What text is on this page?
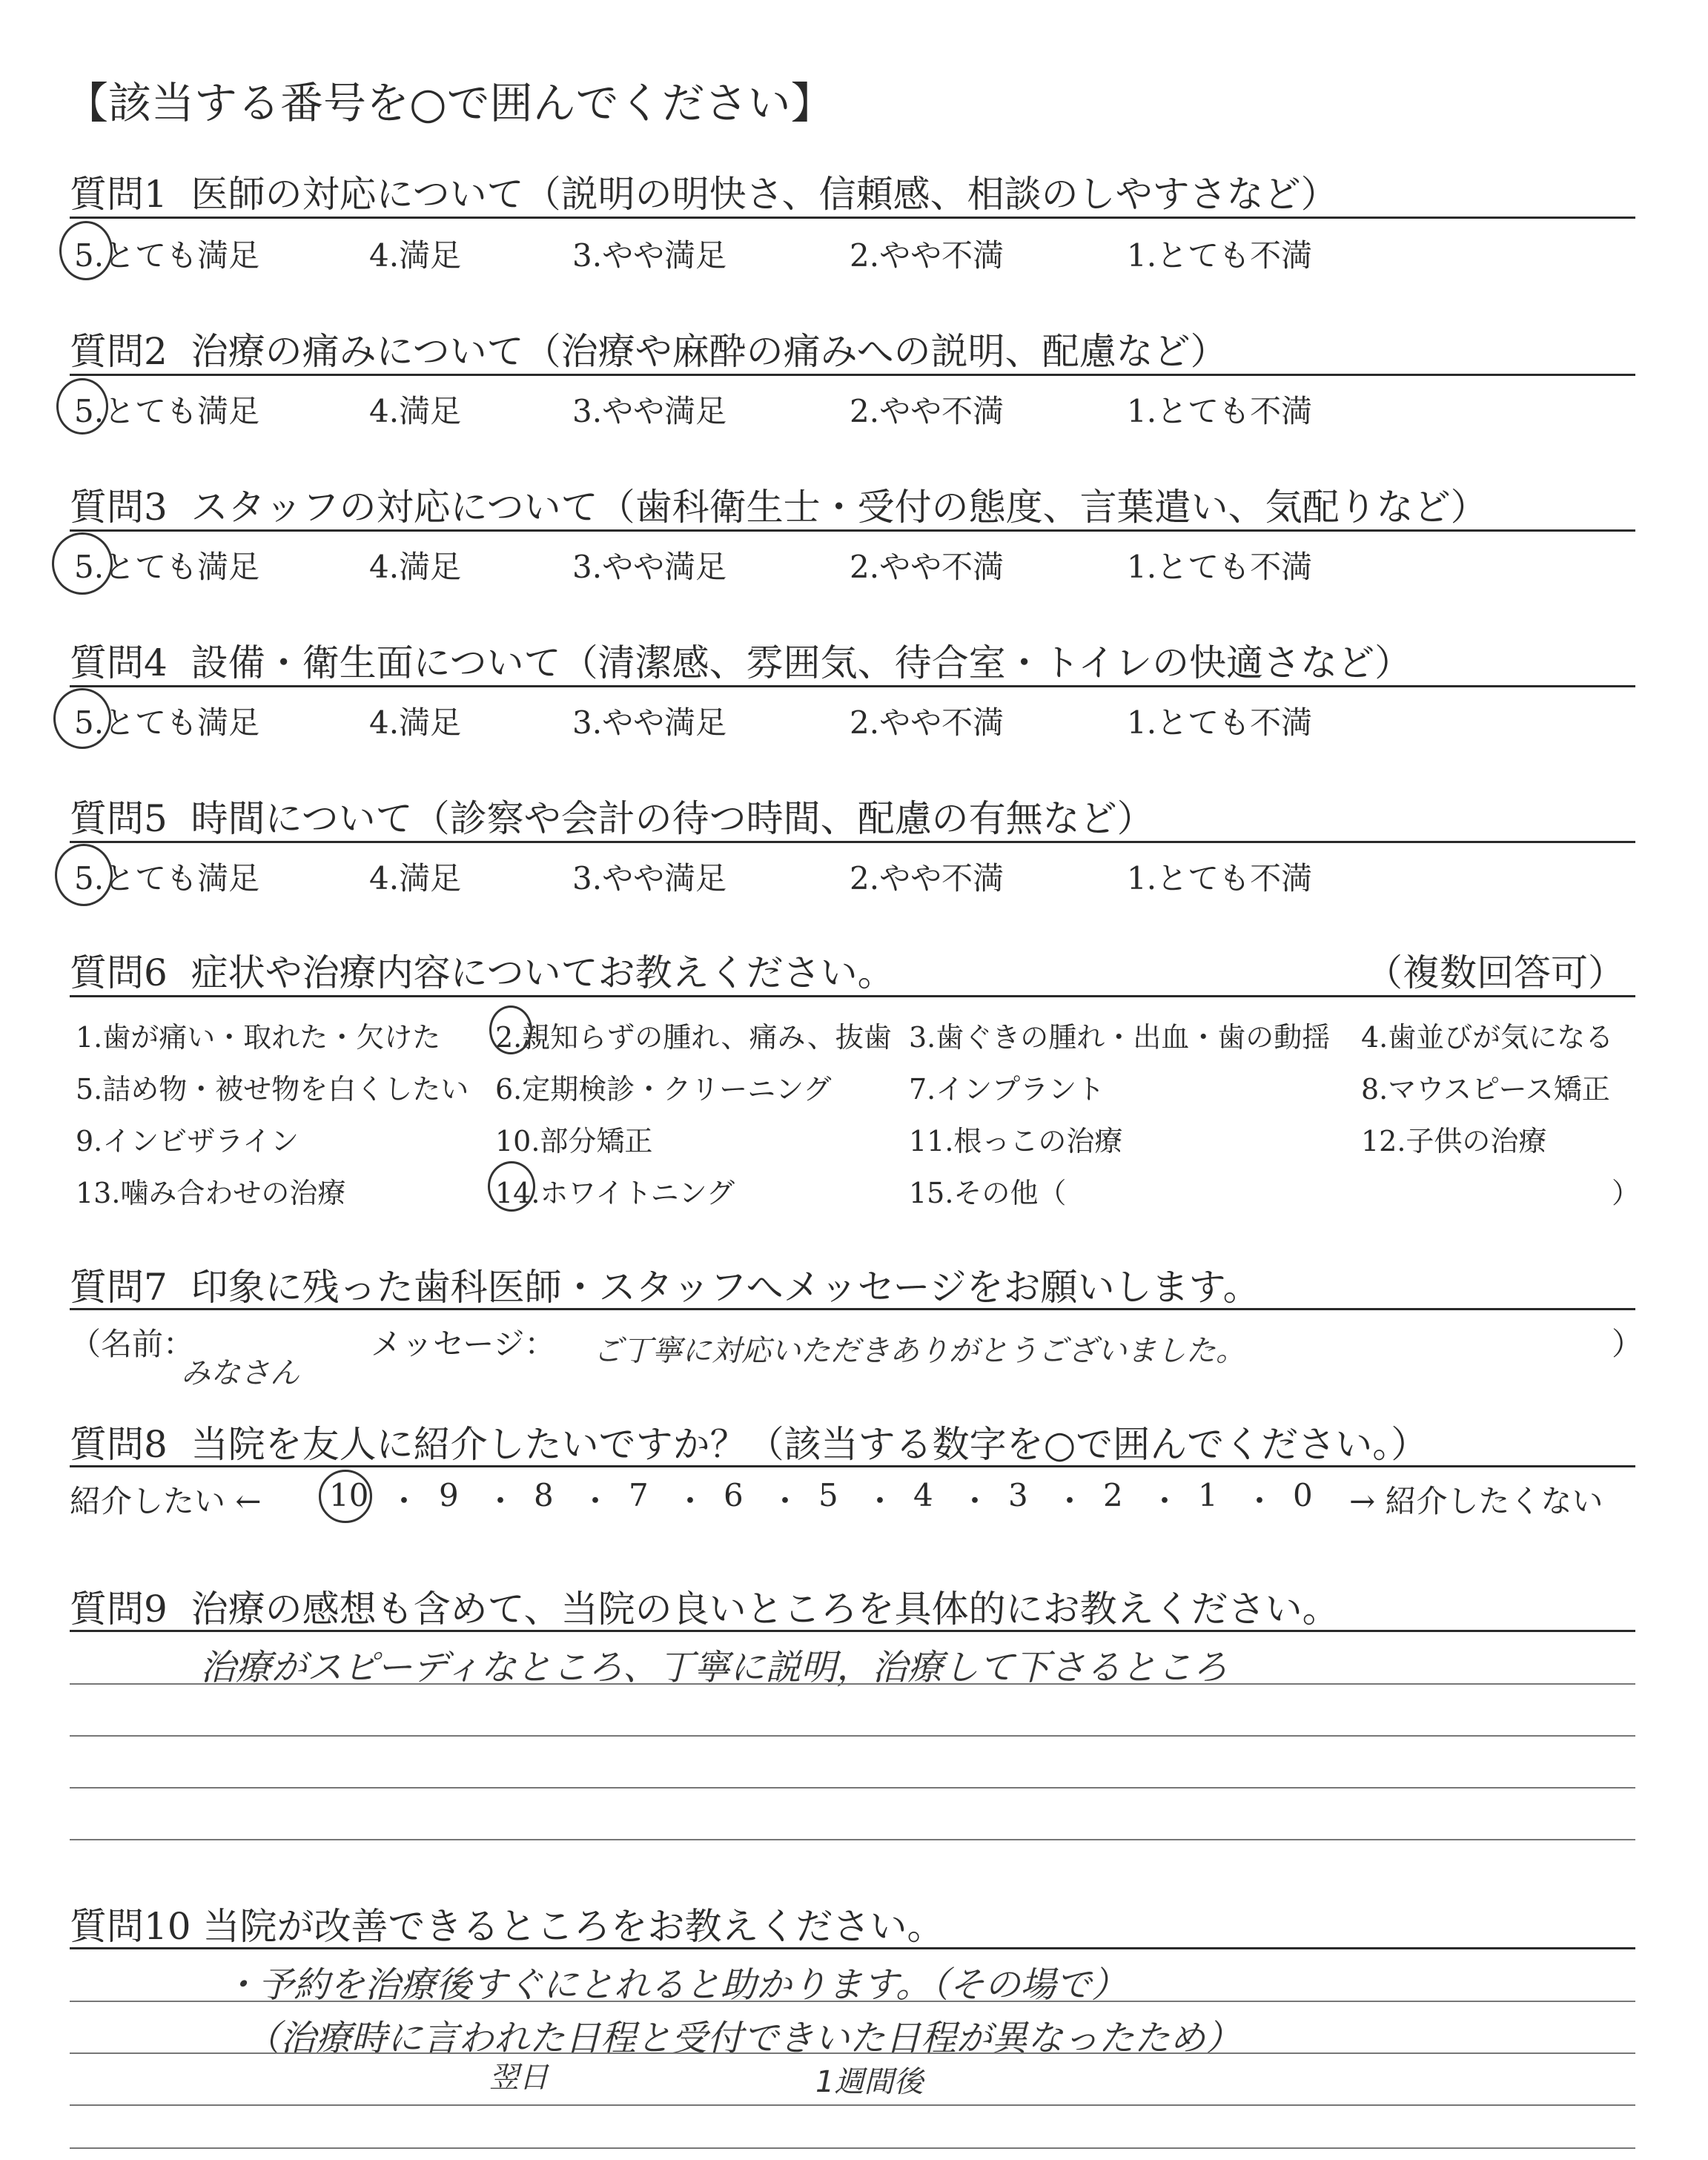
【該当する番号を○で囲んでください】
質問1 医師の対応について（説明の明快さ、信頼感、相談のしやすさなど）
5.とても満足	4.満足	3.やや満足	2.やや不満	1.とても不満
質問2 治療の痛みについて（治療や麻酔の痛みへの説明、配慮など）
5.とても満足	4.満足	3.やや満足	2.やや不満	1.とても不満
質問3 スタッフの対応について（歯科衛生士・受付の態度、言葉遣い、気配りなど）
5.とても満足	4.満足	3.やや満足	2.やや不満	1.とても不満
質問4 設備・衛生面について（清潔感、雰囲気、待合室・トイレの快適さなど）
5.とても満足	4.満足	3.やや満足	2.やや不満	1.とても不満
質問5 時間について（診察や会計の待つ時間、配慮の有無など）
5.とても満足	4.満足	3.やや満足	2.やや不満	1.とても不満
質問6 症状や治療内容についてお教えください。	（複数回答可）
1.歯が痛い・取れた・欠けた 2.親知らずの腫れ、痛み、抜歯 3.歯ぐきの腫れ・出血・歯の動揺 4.歯並びが気になる
5.詰め物・被せ物を白くしたい 6.定期検診・クリーニング	7.インプラント	8.マウスピース矯正
9.インビザライン	10.部分矯正	11.根っこの治療	12.子供の治療
13.噛み合わせの治療	14.ホワイトニング	15.その他（	）
質問7 印象に残った歯科医師・スタッフへメッセージをお願いします。
（名前：
みなさん
メッセージ： ご丁寧に対応いただきありがとうございました。	）
質問8 当院を友人に紹介したいですか？（該当する数字を○で囲んでください。）
紹介したい ← 10 ・ 9 ・ 8 ・ 7 ・ 6 ・ 5 ・ 4 ・ 3 ・ 2 ・ 1 ・ 0 → 紹介したくない
質問9 治療の感想も含めて、当院の良いところを具体的にお教えください。
治療がスピーディなところ、丁寧に説明，治療して下さるところ
質問10 当院が改善できるところをお教えください。
・予約を治療後すぐにとれると助かります。（その場で）
（治療時に言われた日程と受付できいた日程が異なったため）
翌日	1週間後
